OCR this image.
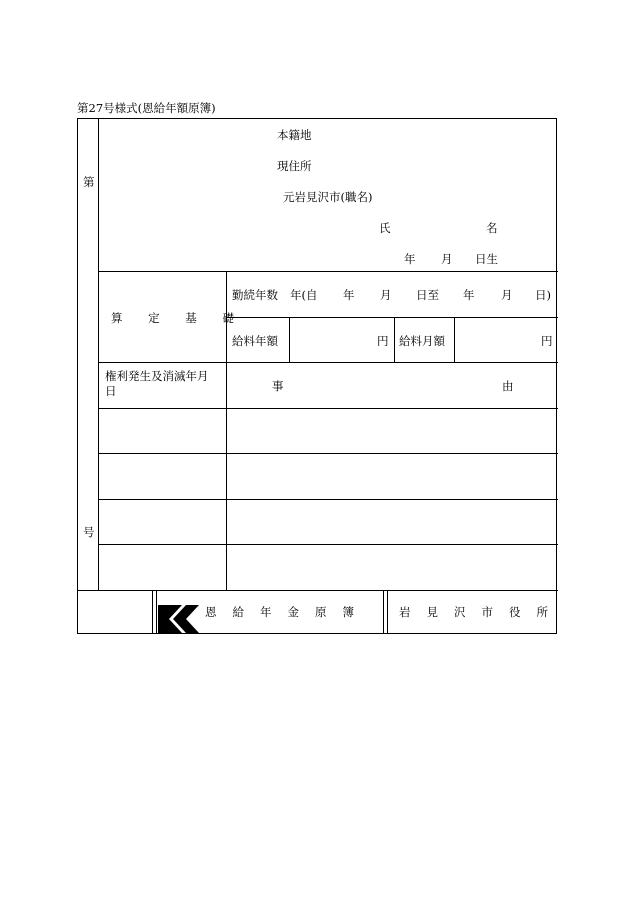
第27号様式(恩給年額原簿)
第
号
本籍地
現住所
元岩見沢市(職名)
氏	名
年 月 日生
算 定 基 礎
勤続年数 年(自 年 月 日至 年 月 日)
給料年額	円 給料月額	円
権利発生及消滅年月日	事	由
恩給年金原簿	岩見沢市役所
